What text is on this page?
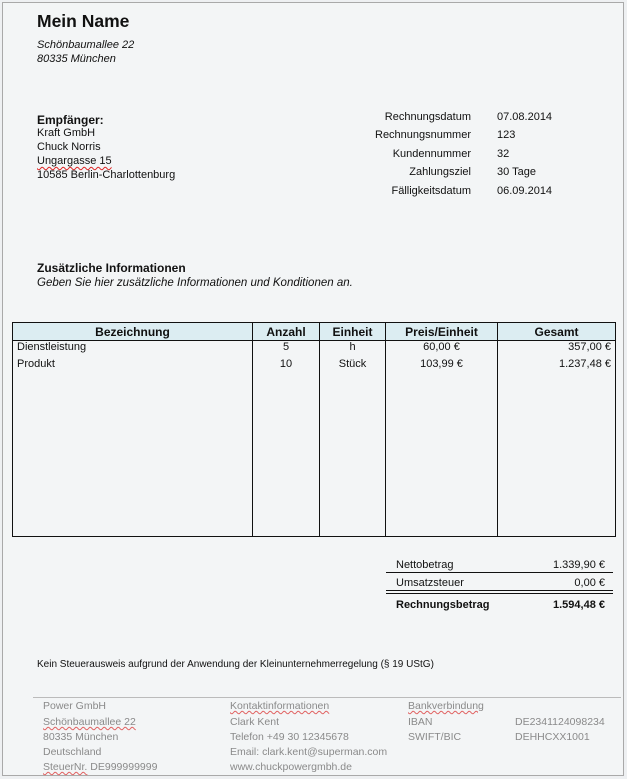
Mein Name
Schönbaumallee 22
80335 München
Empfänger:
Kraft GmbH
Chuck Norris
Ungargasse 15
10585 Berlin-Charlottenburg
Rechnungsdatum 07.08.2014
Rechnungsnummer 123
Kundennummer 32
Zahlungsziel 30 Tage
Fälligkeitsdatum 06.09.2014
Zusätzliche Informationen
Geben Sie hier zusätzliche Informationen und Konditionen an.
Bezeichnung	Anzahl	Einheit	Preis/Einheit	Gesamt
Dienstleistung	5	h	60,00 €	357,00 €
Produkt	10	Stück	103,99 €	1.237,48 €

Nettobetrag	1.339,90 €
Umsatzsteuer	0,00 €
Rechnungsbetrag	1.594,48 €
Kein Steuerausweis aufgrund der Anwendung der Kleinunternehmerregelung (§ 19 UStG)
Power GmbH
Schönbaumallee 22
80335 München
Deutschland
SteuerNr. DE999999999
Kontaktinformationen
Clark Kent
Telefon +49 30 12345678
Email: clark.kent@superman.com
www.chuckpowergmbh.de
Bankverbindung
IBAN	DE2341124098234
SWIFT/BIC	DEHHCXX1001
